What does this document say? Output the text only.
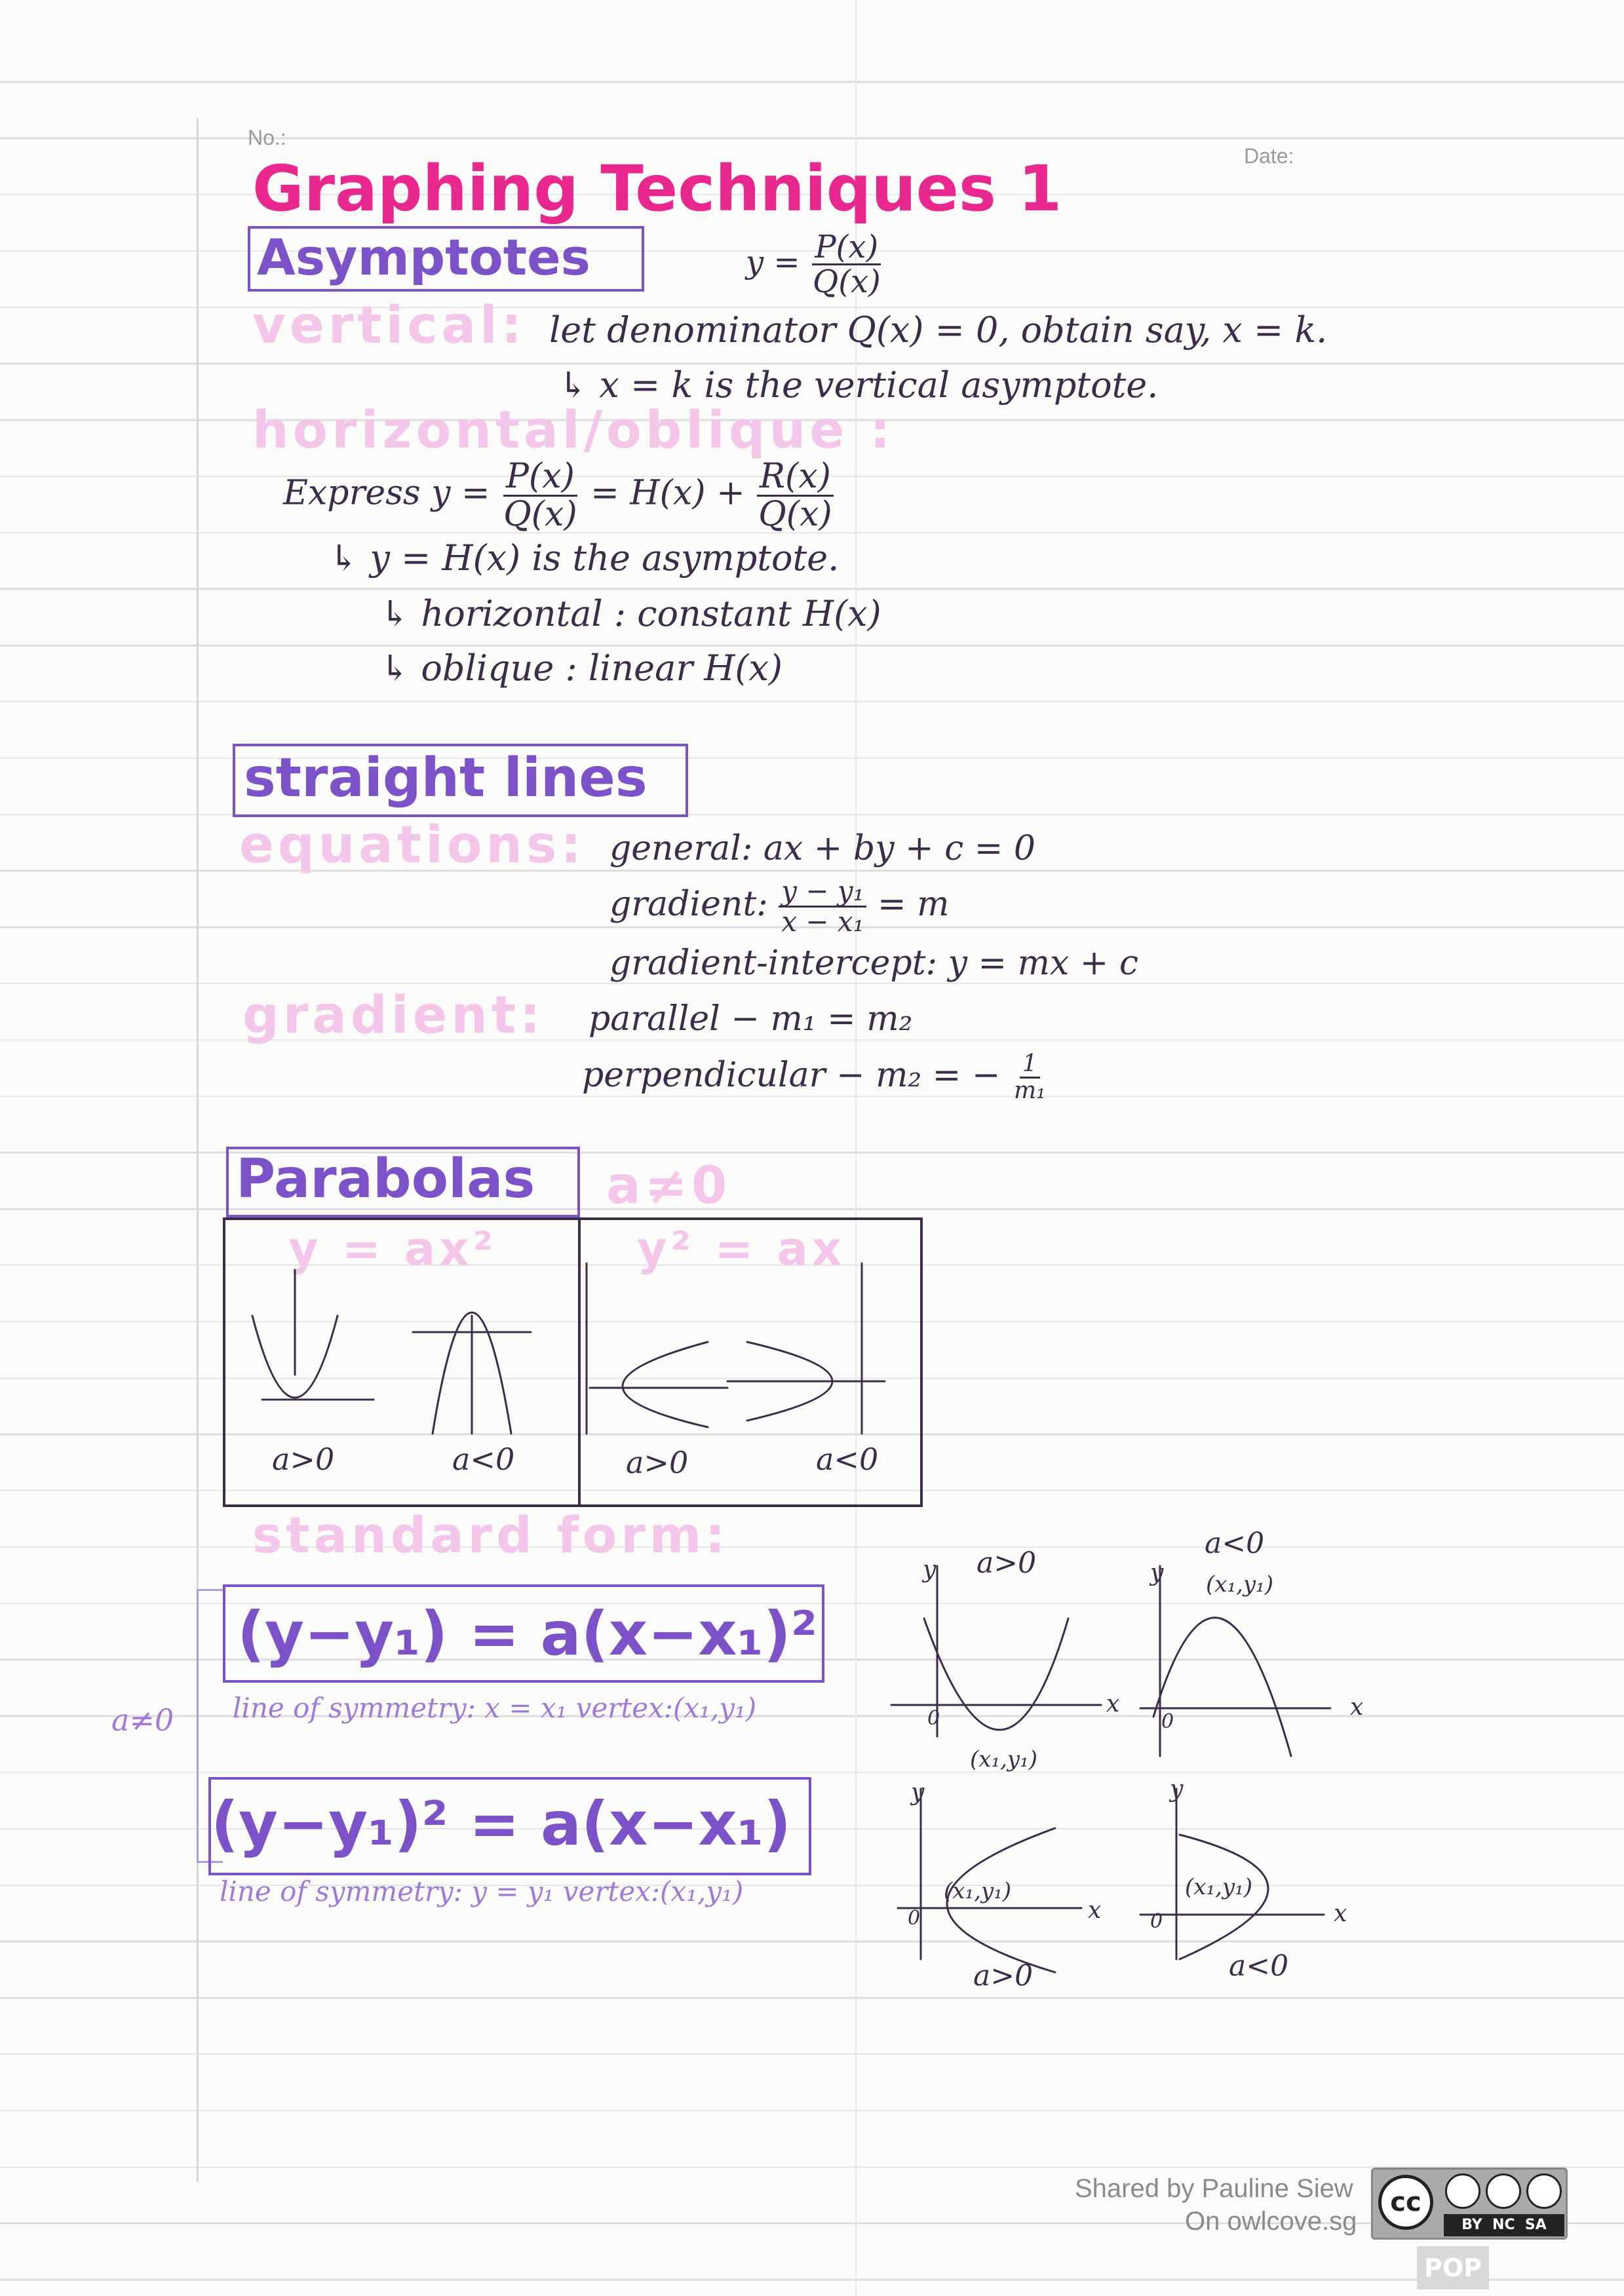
No.:
Date:
Graphing Techniques 1
Asymptotes	$y = \frac{P(x)}{Q(x)}$
vertical: let denominator Q(x) = 0, obtain say, x = k.
↳ x = k is the vertical asymptote.
horizontal/oblique :
Express $y = \frac{P(x)}{Q(x)} = H(x) + \frac{R(x)}{Q(x)}$
↳ y = H(x) is the asymptote.
↳ horizontal : constant H(x)
↳ oblique : linear H(x)
straight lines
equations: general: ax + by + c = 0
gradient: $\frac{\text{y − y₁}}{\text{x − x₁}} = m$
gradient-intercept: y = mx + c
gradient: parallel − m₁ = m₂
perpendicular − m₂ = − $\frac{1}{\text{m₁}}$
Parabolas a≠0
y = ax²	y² = ax
a>0	a<0	a>0	a<0
standard form:
a≠0
(y−y₁) = a(x−x₁)²
line of symmetry: x = x₁ vertex:(x₁,y₁)
(y−y₁)² = a(x−x₁)
line of symmetry: y = y₁ vertex:(x₁,y₁)
a>0
a<0
a>0	a<0
(x₁,y₁)
(x₁,y₁)
(x₁,y₁)	(x₁,y₁)
y
x
0
y
x
0
y
x
0
y
x
0
Shared by Pauline Siew
On owlcove.sg
cc
BY  NC  SA
POP
